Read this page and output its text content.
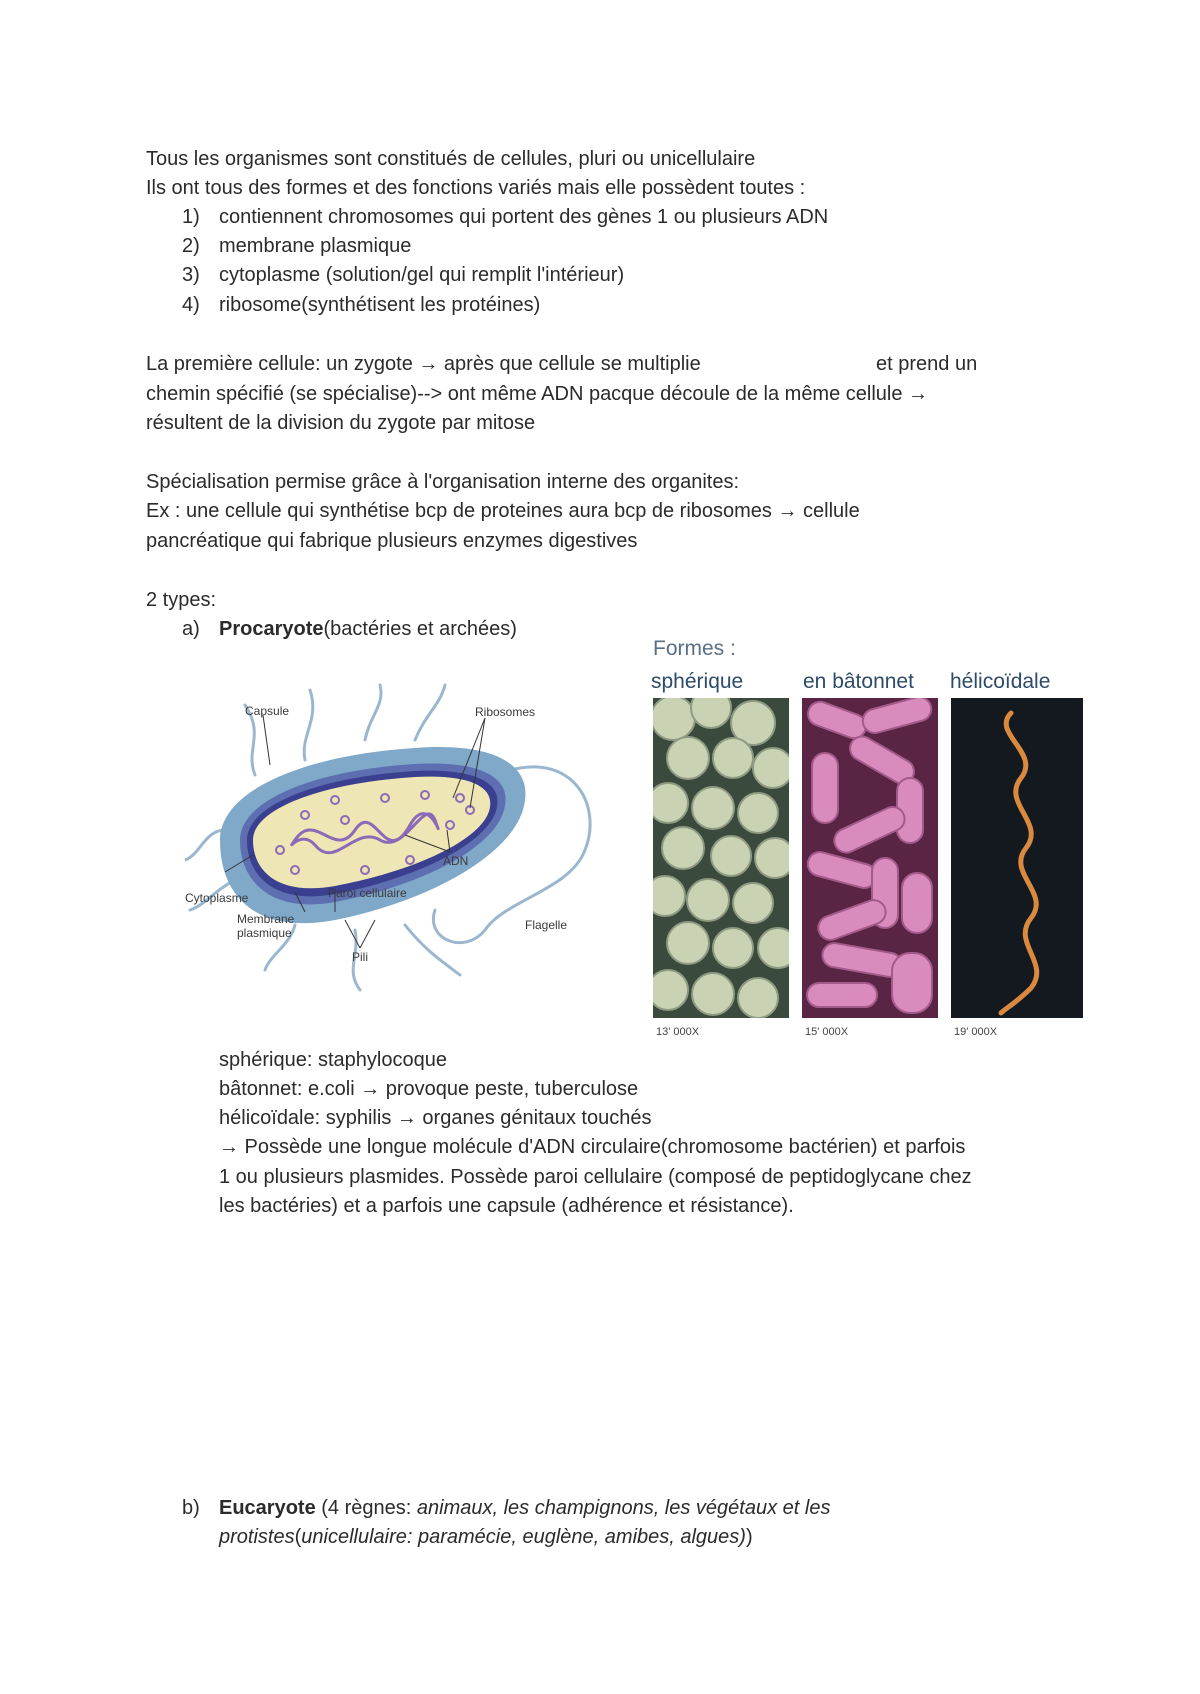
Tous les organismes sont constitués de cellules, pluri ou unicellulaire
Ils ont tous des formes et des fonctions variés mais elle possèdent toutes :
1) contiennent chromosomes qui portent des gènes 1 ou plusieurs ADN
2) membrane plasmique
3) cytoplasme (solution/gel qui remplit l'intérieur)
4) ribosome(synthétisent les protéines)
La première cellule: un zygote → après que cellule se multiplie	et prend un
chemin spécifié (se spécialise)--> ont même ADN pacque découle de la même cellule →
résultent de la division du zygote par mitose
Spécialisation permise grâce à l'organisation interne des organites:
Ex : une cellule qui synthétise bcp de proteines aura bcp de ribosomes → cellule
pancréatique qui fabrique plusieurs enzymes digestives
2 types:
a) Procaryote(bactéries et archées)
Capsule	Ribosomes
ADN
Cytoplasme	Paroi cellulaire
Membrane
plasmique
Flagelle
Pili
Formes :
sphérique	en bâtonnet hélicoïdale
13' 000X	15' 000X	19' 000X
sphérique: staphylocoque
bâtonnet: e.coli → provoque peste, tuberculose
hélicoïdale: syphilis → organes génitaux touchés
→ Possède une longue molécule d'ADN circulaire(chromosome bactérien) et parfois
1 ou plusieurs plasmides. Possède paroi cellulaire (composé de peptidoglycane chez
les bactéries) et a parfois une capsule (adhérence et résistance).
b) Eucaryote (4 règnes: animaux, les champignons, les végétaux et les
protistes(unicellulaire: paramécie, euglène, amibes, algues))
